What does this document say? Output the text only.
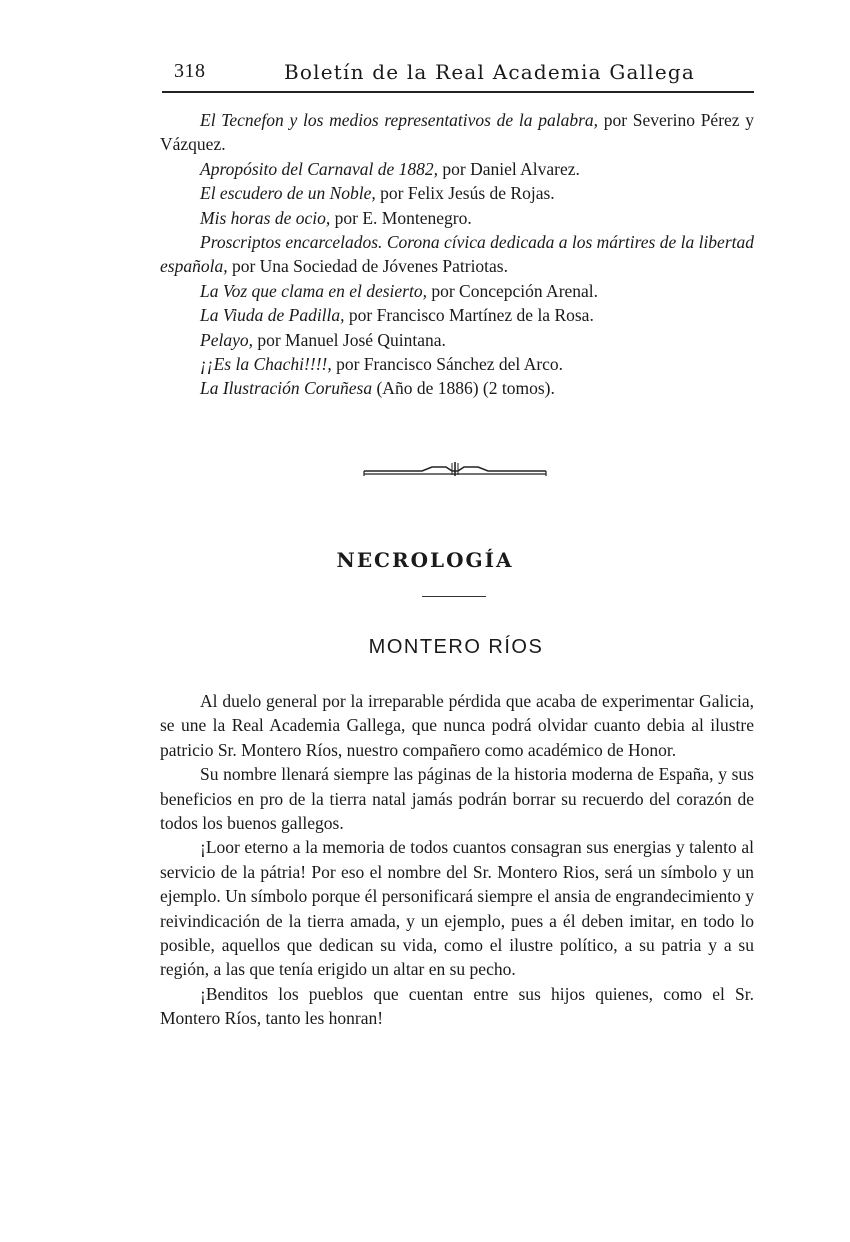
318	Boletín de la Real Academia Gallega

El Tecnefon y los medios representativos de la palabra, por Severino Pérez y Vázquez.

Apropósito del Carnaval de 1882, por Daniel Alvarez.

El escudero de un Noble, por Felix Jesús de Rojas.

Mis horas de ocio, por E. Montenegro.

Proscriptos encarcelados. Corona cívica dedicada a los mártires de la libertad española, por Una Sociedad de Jóvenes Patriotas.

La Voz que clama en el desierto, por Concepción Arenal.

La Viuda de Padilla, por Francisco Martínez de la Rosa.

Pelayo, por Manuel José Quintana.

¡¡Es la Chachi!!!!, por Francisco Sánchez del Arco.

La Ilustración Coruñesa (Año de 1886) (2 tomos).

NECROLOGÍA
MONTERO RÍOS

Al duelo general por la irreparable pérdida que acaba de experimentar Galicia, se une la Real Academia Gallega, que nunca podrá olvidar cuanto debia al ilustre patricio Sr. Montero Ríos, nuestro compañero como académico de Honor.

Su nombre llenará siempre las páginas de la historia moderna de España, y sus beneficios en pro de la tierra natal jamás podrán borrar su recuerdo del corazón de todos los buenos gallegos.

¡Loor eterno a la memoria de todos cuantos consagran sus energias y talento al servicio de la pátria! Por eso el nombre del Sr. Montero Rios, será un símbolo y un ejemplo. Un símbolo porque él personificará siempre el ansia de engrandecimiento y reivindicación de la tierra amada, y un ejemplo, pues a él deben imitar, en todo lo posible, aquellos que dedican su vida, como el ilustre político, a su patria y a su región, a las que tenía erigido un altar en su pecho.

¡Benditos los pueblos que cuentan entre sus hijos quienes, como el Sr. Montero Ríos, tanto les honran!
